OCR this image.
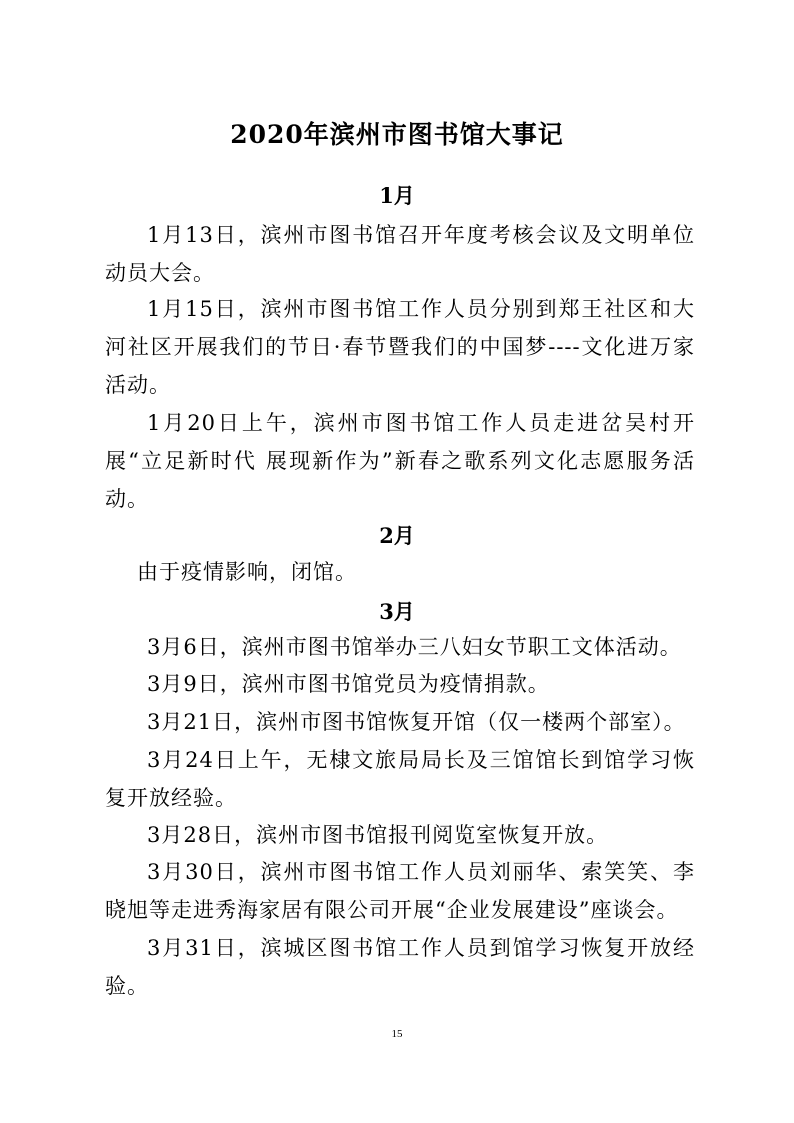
2020年滨州市图书馆大事记
1月
1月13日，滨州市图书馆召开年度考核会议及文明单位动员大会。
1月15日，滨州市图书馆工作人员分别到郑王社区和大河社区开展我们的节日·春节暨我们的中国梦----文化进万家活动。
1月20日上午，滨州市图书馆工作人员走进岔吴村开展“立足新时代 展现新作为”新春之歌系列文化志愿服务活动。
2月
由于疫情影响，闭馆。
3月
3月6日，滨州市图书馆举办三八妇女节职工文体活动。
3月9日，滨州市图书馆党员为疫情捐款。
3月21日，滨州市图书馆恢复开馆（仅一楼两个部室）。
3月24日上午，无棣文旅局局长及三馆馆长到馆学习恢复开放经验。
3月28日，滨州市图书馆报刊阅览室恢复开放。
3月30日，滨州市图书馆工作人员刘丽华、索笑笑、李晓旭等走进秀海家居有限公司开展“企业发展建设”座谈会。
3月31日，滨城区图书馆工作人员到馆学习恢复开放经验。
15
